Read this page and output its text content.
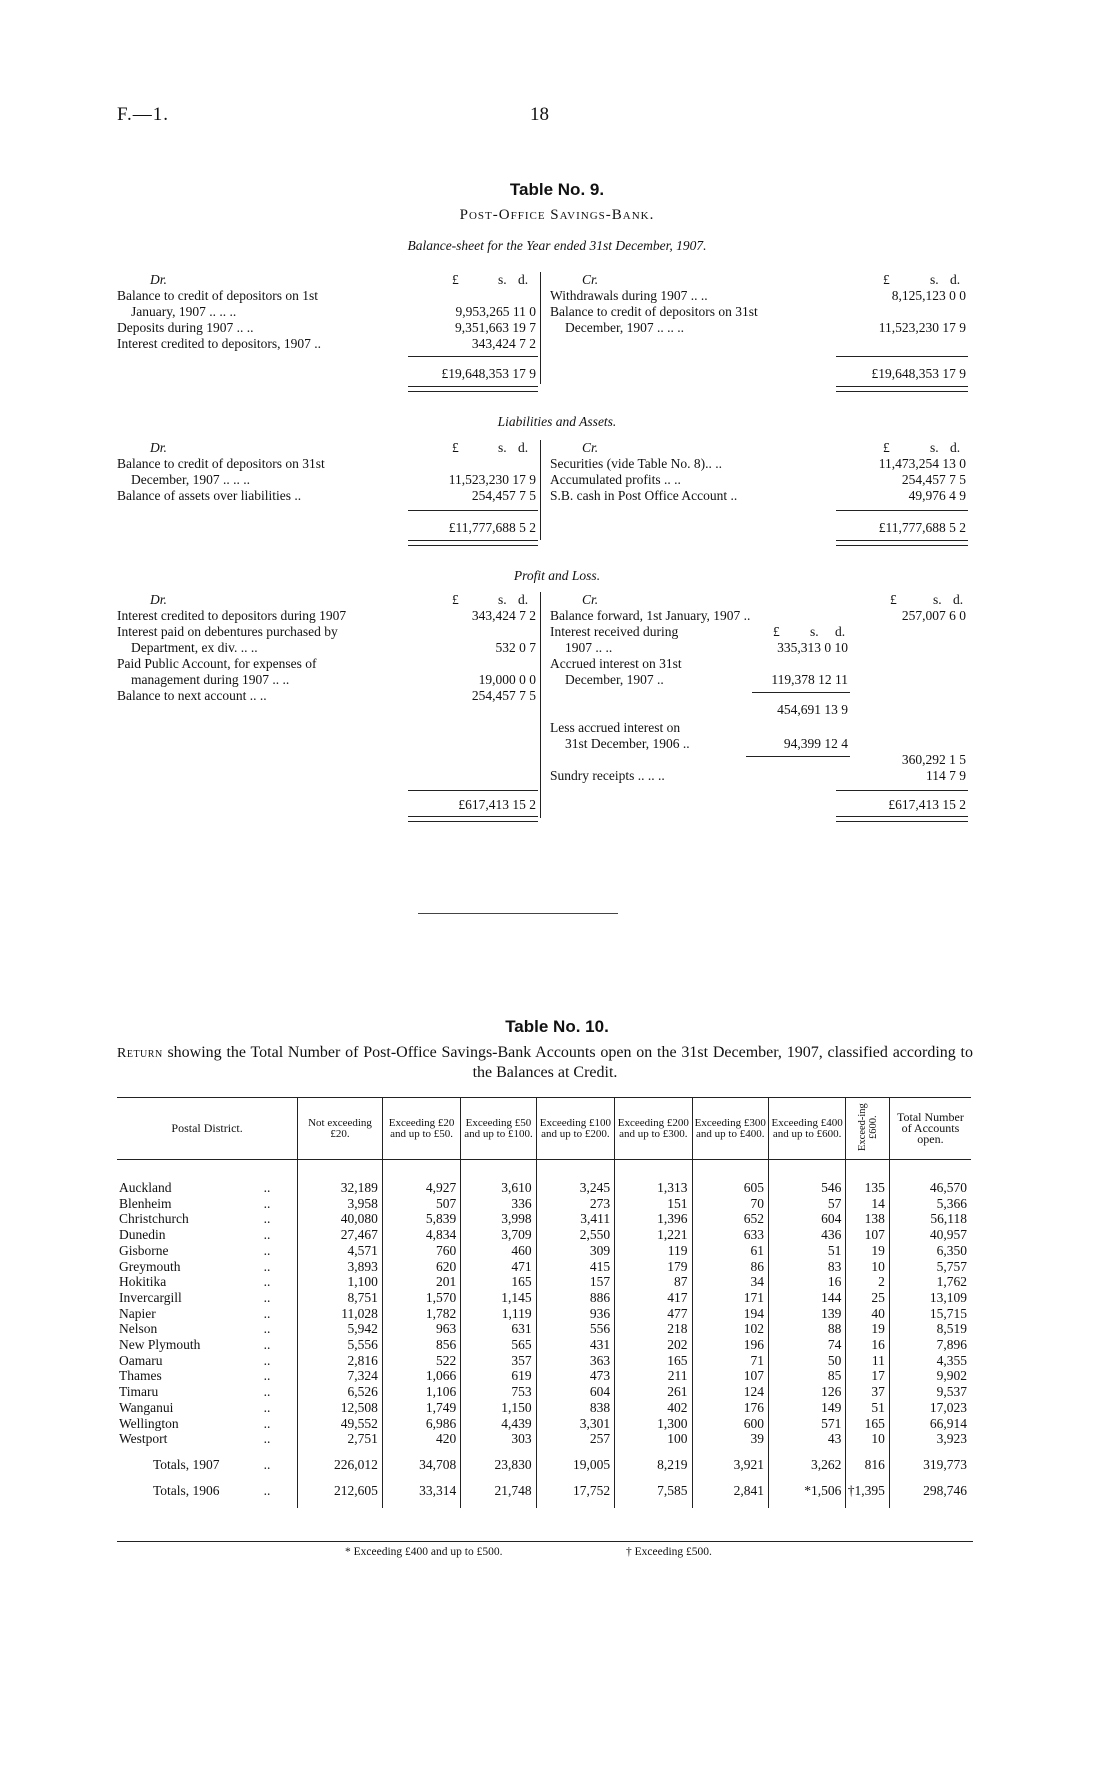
F.—1.	18
Table No. 9.
Post-Office Savings-Bank.
Balance-sheet for the Year ended 31st December, 1907.
Dr.	£	s. d.
Balance to credit of depositors on 1st
January, 1907 .. .. ..	9,953,265 11 0
Deposits during 1907 .. ..	9,351,663 19 7
Interest credited to depositors, 1907 ..	343,424 7 2
£19,648,353 17 9
Cr.	£	s. d.
Withdrawals during 1907 .. ..	8,125,123 0 0
Balance to credit of depositors on 31st
December, 1907 .. .. ..	11,523,230 17 9
£19,648,353 17 9
Liabilities and Assets.
Dr.	£	s. d.
Balance to credit of depositors on 31st
December, 1907 .. .. ..	11,523,230 17 9
Balance of assets over liabilities ..	254,457 7 5
£11,777,688 5 2
Cr.	£	s. d.
Securities (vide Table No. 8).. ..	11,473,254 13 0
Accumulated profits .. ..	254,457 7 5
S.B. cash in Post Office Account ..	49,976 4 9
£11,777,688 5 2
Profit and Loss.
Dr.	£	s. d.
Interest credited to depositors during 1907	343,424 7 2
Interest paid on debentures purchased by
Department, ex div. .. ..	532 0 7
Paid Public Account, for expenses of
management during 1907 .. ..	19,000 0 0
Balance to next account .. ..	254,457 7 5
£617,413 15 2
Cr.	£	s. d.
Balance forward, 1st January, 1907 ..	257,007 6 0
Interest received during	£ s. d.
1907 .. ..	335,313 0 10
Accrued interest on 31st
December, 1907 ..	119,378 12 11
454,691 13 9
Less accrued interest on
31st December, 1906 ..	94,399 12 4
360,292 1 5
Sundry receipts .. .. ..	114 7 9
£617,413 15 2
Table No. 10.
Return showing the Total Number of Post-Office Savings-Bank Accounts open on the 31st December, 1907, classified according to the Balances at Credit.
Postal District.		Not exceeding £20.	Exceeding £20 and up to £50.	Exceeding £50 and up to £100.	Exceeding £100 and up to £200.	Exceeding £200 and up to £300.	Exceeding £300 and up to £400.	Exceeding £400 and up to £600.	Exceed-ing £600.	Total Number of Accounts open.

Auckland	..	32,189	4,927	3,610	3,245	1,313	605	546	135	46,570
Blenheim	..	3,958	507	336	273	151	70	57	14	5,366
Christchurch	..	40,080	5,839	3,998	3,411	1,396	652	604	138	56,118
Dunedin	..	27,467	4,834	3,709	2,550	1,221	633	436	107	40,957
Gisborne	..	4,571	760	460	309	119	61	51	19	6,350
Greymouth	..	3,893	620	471	415	179	86	83	10	5,757
Hokitika	..	1,100	201	165	157	87	34	16	2	1,762
Invercargill	..	8,751	1,570	1,145	886	417	171	144	25	13,109
Napier	..	11,028	1,782	1,119	936	477	194	139	40	15,715
Nelson	..	5,942	963	631	556	218	102	88	19	8,519
New Plymouth	..	5,556	856	565	431	202	196	74	16	7,896
Oamaru	..	2,816	522	357	363	165	71	50	11	4,355
Thames	..	7,324	1,066	619	473	211	107	85	17	9,902
Timaru	..	6,526	1,106	753	604	261	124	126	37	9,537
Wanganui	..	12,508	1,749	1,150	838	402	176	149	51	17,023
Wellington	..	49,552	6,986	4,439	3,301	1,300	600	571	165	66,914
Westport	..	2,751	420	303	257	100	39	43	10	3,923

Totals, 1907	..	226,012	34,708	23,830	19,005	8,219	3,921	3,262	816	319,773

Totals, 1906	..	212,605	33,314	21,748	17,752	7,585	2,841	*1,506	†1,395	298,746

* Exceeding £400 and up to £500.	† Exceeding £500.
